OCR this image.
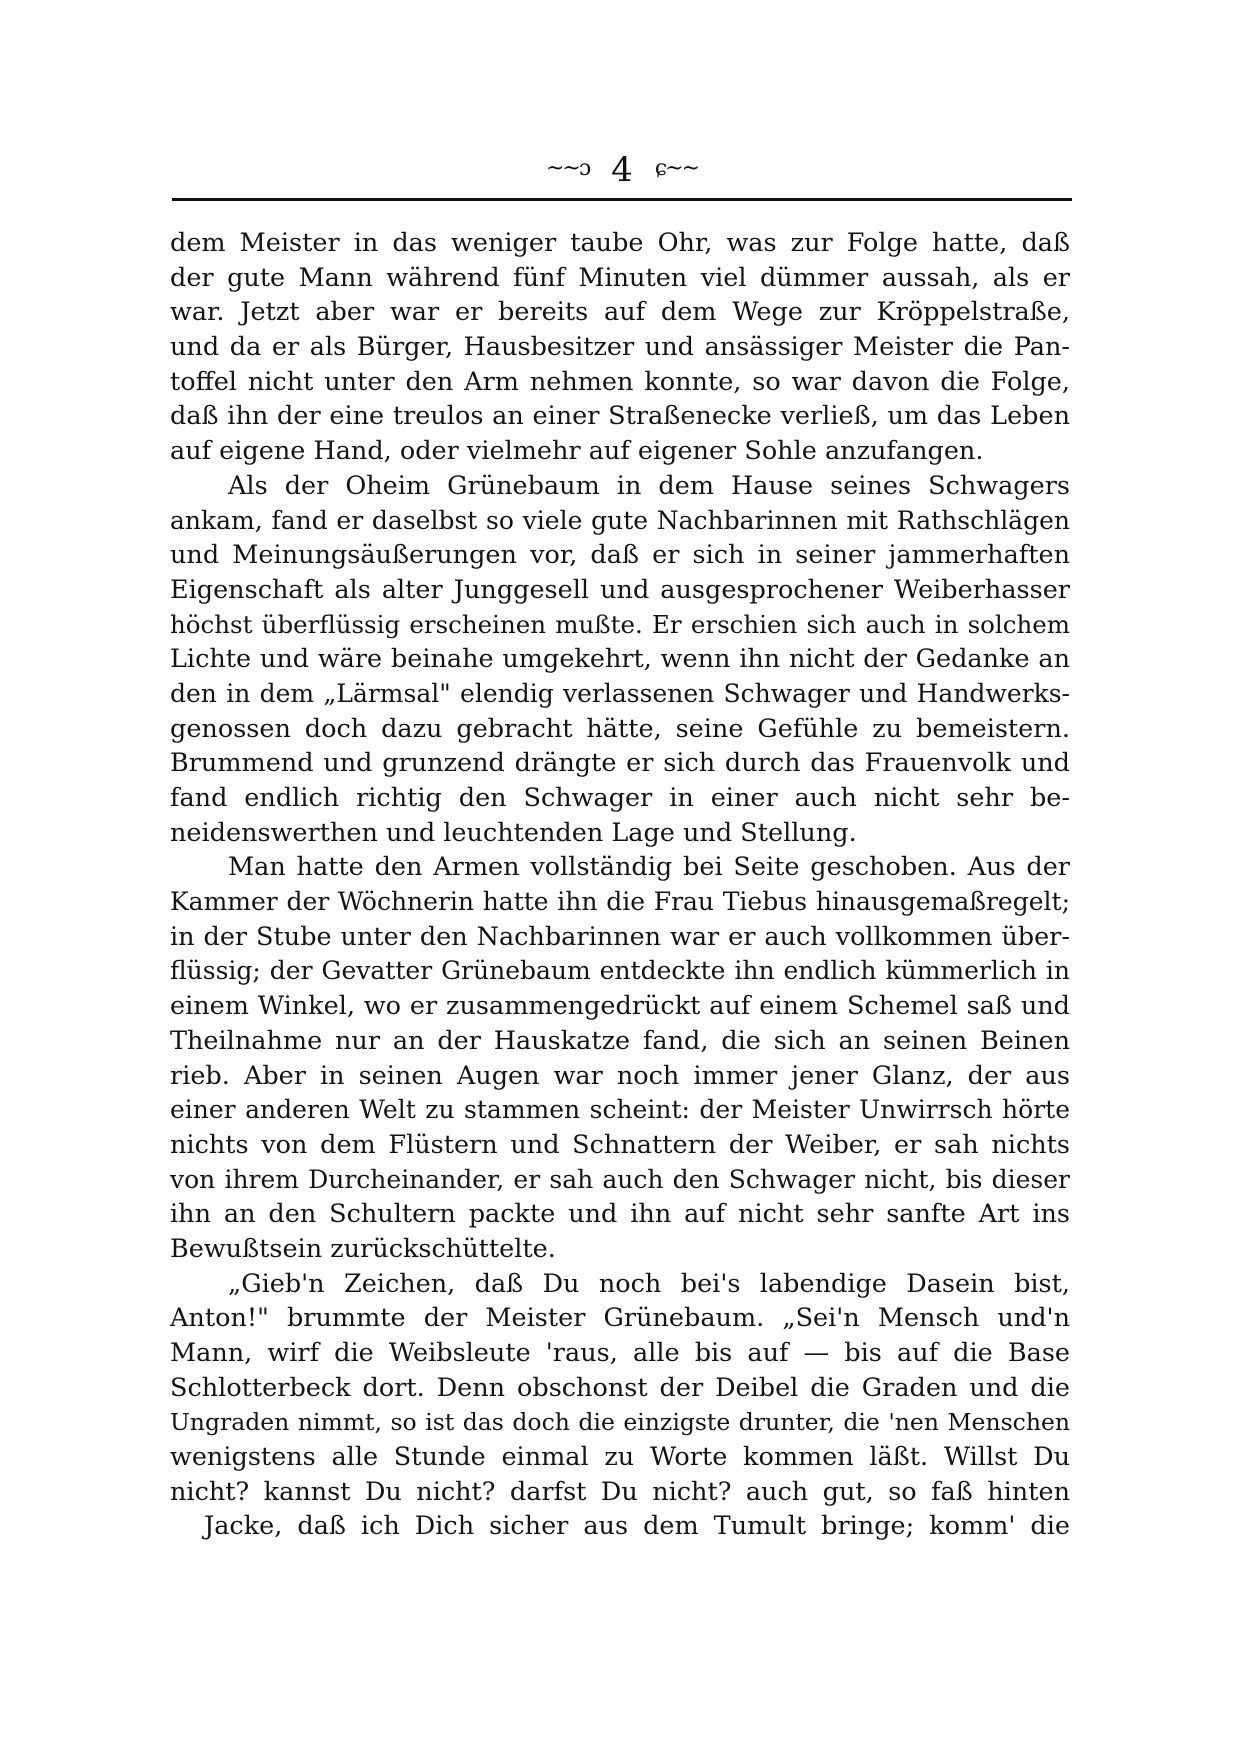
~~ɔ 4 ɕ~~
dem Meister in das weniger taube Ohr, was zur Folge hatte, daß
der gute Mann während fünf Minuten viel dümmer aussah, als er
war. Jetzt aber war er bereits auf dem Wege zur Kröppelstraße,
und da er als Bürger, Hausbesitzer und ansässiger Meister die Pan-
toffel nicht unter den Arm nehmen konnte, so war davon die Folge,
daß ihn der eine treulos an einer Straßenecke verließ, um das Leben
auf eigene Hand, oder vielmehr auf eigener Sohle anzufangen.
Als der Oheim Grünebaum in dem Hause seines Schwagers
ankam, fand er daselbst so viele gute Nachbarinnen mit Rathschlägen
und Meinungsäußerungen vor, daß er sich in seiner jammerhaften
Eigenschaft als alter Junggesell und ausgesprochener Weiberhasser
höchst überflüssig erscheinen mußte. Er erschien sich auch in solchem
Lichte und wäre beinahe umgekehrt, wenn ihn nicht der Gedanke an
den in dem „Lärmsal" elendig verlassenen Schwager und Handwerks-
genossen doch dazu gebracht hätte, seine Gefühle zu bemeistern.
Brummend und grunzend drängte er sich durch das Frauenvolk und
fand endlich richtig den Schwager in einer auch nicht sehr be-
neidenswerthen und leuchtenden Lage und Stellung.
Man hatte den Armen vollständig bei Seite geschoben. Aus der
Kammer der Wöchnerin hatte ihn die Frau Tiebus hinausgemaßregelt;
in der Stube unter den Nachbarinnen war er auch vollkommen über-
flüssig; der Gevatter Grünebaum entdeckte ihn endlich kümmerlich in
einem Winkel, wo er zusammengedrückt auf einem Schemel saß und
Theilnahme nur an der Hauskatze fand, die sich an seinen Beinen
rieb. Aber in seinen Augen war noch immer jener Glanz, der aus
einer anderen Welt zu stammen scheint: der Meister Unwirrsch hörte
nichts von dem Flüstern und Schnattern der Weiber, er sah nichts
von ihrem Durcheinander, er sah auch den Schwager nicht, bis dieser
ihn an den Schultern packte und ihn auf nicht sehr sanfte Art ins
Bewußtsein zurückschüttelte.
„Gieb'n Zeichen, daß Du noch bei's labendige Dasein bist,
Anton!" brummte der Meister Grünebaum. „Sei'n Mensch und'n
Mann, wirf die Weibsleute 'raus, alle bis auf — bis auf die Base
Schlotterbeck dort. Denn obschonst der Deibel die Graden und die
Ungraden nimmt, so ist das doch die einzigste drunter, die 'nen Menschen
wenigstens alle Stunde einmal zu Worte kommen läßt. Willst Du
nicht? kannst Du nicht? darfst Du nicht? auch gut, so faß hinten
Jacke, daß ich Dich sicher aus dem Tumult bringe; komm' die
